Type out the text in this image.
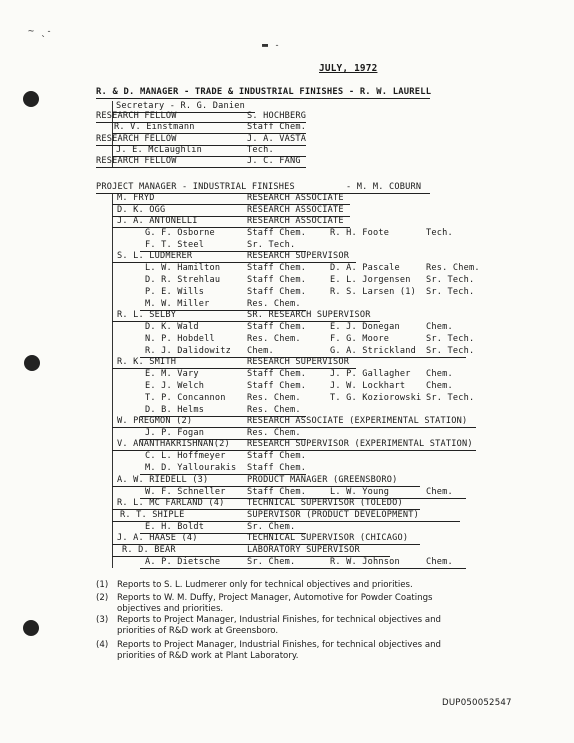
~ ˎ˗
▬ ˗
JULY, 1972
R. & D. MANAGER - TRADE & INDUSTRIAL FINISHES - R. W. LAURELL
Secretary - R. G. Danien
RESEARCH FELLOW	S. HOCHBERG
R. V. Einstmann	Staff Chem.
RESEARCH FELLOW	J. A. VASTA
J. E. McLaughlin	Tech.
RESEARCH FELLOW	J. C. FANG
PROJECT MANAGER - INDUSTRIAL FINISHES	- M. M. COBURN
M. FRYD	RESEARCH ASSOCIATE
D. K. OGG	RESEARCH ASSOCIATE
J. A. ANTONELLI	RESEARCH ASSOCIATE
G. F. Osborne	Staff Chem.	R. H. Foote	Tech.
F. T. Steel	Sr. Tech.
S. L. LUDMERER	RESEARCH SUPERVISOR
L. W. Hamilton	Staff Chem.	D. A. Pascale	Res. Chem.
D. R. Strehlau	Staff Chem.	E. L. Jorgensen Sr. Tech.
P. E. Wills	Staff Chem.	R. S. Larsen (1) Sr. Tech.
M. W. Miller	Res. Chem.
R. L. SELBY	SR. RESEARCH SUPERVISOR
D. K. Wald	Staff Chem.	E. J. Donegan	Chem.
N. P. Hobdell	Res. Chem.	F. G. Moore	Sr. Tech.
R. J. Dalidowitz Chem.	G. A. Strickland Sr. Tech.
R. K. SMITH	RESEARCH SUPERVISOR
E. M. Vary	Staff Chem.	J. P. Gallagher Chem.
E. J. Welch	Staff Chem.	J. W. Lockhart Chem.
T. P. Concannon Res. Chem.	T. G. Koziorowski Sr. Tech.
D. B. Helms	Res. Chem.
W. PREGMON (2)	RESEARCH ASSOCIATE (EXPERIMENTAL STATION)
J. P. Fogan	Res. Chem.
V. ANANTHAKRISHNAN(2) RESEARCH SUPERVISOR (EXPERIMENTAL STATION)
C. L. Hoffmeyer Staff Chem.
M. D. Yallourakis Staff Chem.
A. W. RIEDELL (3)	PRODUCT MANAGER (GREENSBORO)
W. F. Schneller Staff Chem.	L. W. Young	Chem.
R. L. MC FARLAND (4)	TECHNICAL SUPERVISOR (TOLEDO)
R. T. SHIPLE	SUPERVISOR (PRODUCT DEVELOPMENT)
E. H. Boldt	Sr. Chem.
J. A. HAASE (4)	TECHNICAL SUPERVISOR (CHICAGO)
R. D. BEAR	LABORATORY SUPERVISOR
A. P. Dietsche	Sr. Chem.	R. W. Johnson	Chem.
(1) Reports to S. L. Ludmerer only for technical objectives and priorities.
(2) Reports to W. M. Duffy, Project Manager, Automotive for Powder Coatings objectives and priorities.
(3) Reports to Project Manager, Industrial Finishes, for technical objectives and priorities of R&D work at Greensboro.
(4) Reports to Project Manager, Industrial Finishes, for technical objectives and priorities of R&D work at Plant Laboratory.
DUP050052547
